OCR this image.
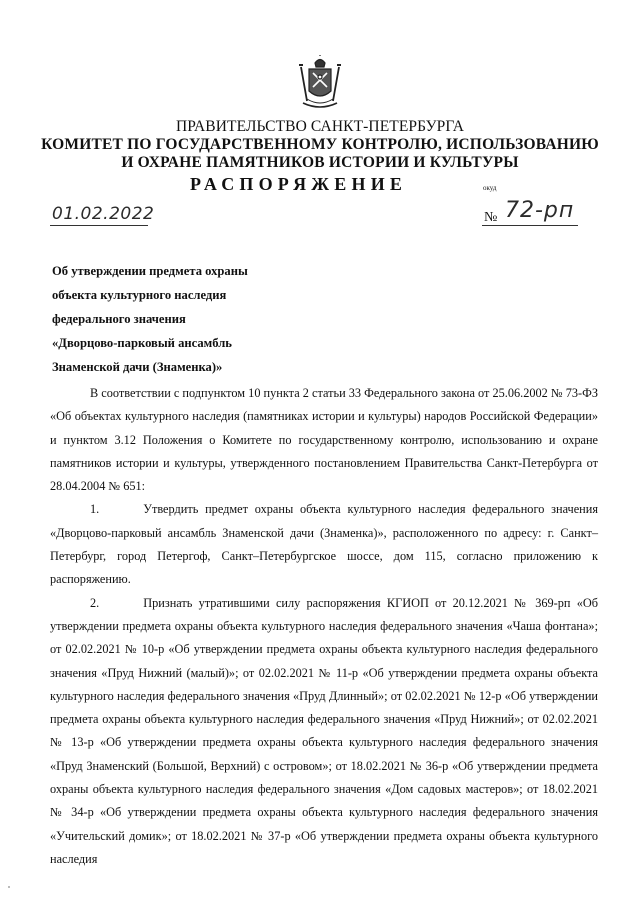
ПРАВИТЕЛЬСТВО САНКТ-ПЕТЕРБУРГА
КОМИТЕТ ПО ГОСУДАРСТВЕННОМУ КОНТРОЛЮ, ИСПОЛЬЗОВАНИЮ
И ОХРАНЕ ПАМЯТНИКОВ ИСТОРИИ И КУЛЬТУРЫ
РАСПОРЯЖЕНИЕ	окуд
01.02.2022	№ 72-рп
Об утверждении предмета охраны
объекта культурного наследия
федерального значения
«Дворцово-парковый ансамбль
Знаменской дачи (Знаменка)»

В соответствии с подпунктом 10 пункта 2 статьи 33 Федерального закона от 25.06.2002 № 73-ФЗ «Об объектах культурного наследия (памятниках истории и культуры) народов Российской Федерации» и пунктом 3.12 Положения о Комитете по государственному контролю, использованию и охране памятников истории и культуры, утвержденного постановлением Правительства Санкт-Петербурга от 28.04.2004 № 651:

1.	Утвердить предмет охраны объекта культурного наследия федерального значения «Дворцово-парковый ансамбль Знаменской дачи (Знаменка)», расположенного по адресу: г. Санкт–Петербург, город Петергоф, Санкт–Петербургское шоссе, дом 115, согласно приложению к распоряжению.

2.	Признать утратившими силу распоряжения КГИОП от 20.12.2021 № 369-рп «Об утверждении предмета охраны объекта культурного наследия федерального значения «Чаша фонтана»; от 02.02.2021 № 10-р «Об утверждении предмета охраны объекта культурного наследия федерального значения «Пруд Нижний (малый)»; от 02.02.2021 № 11-р «Об утверждении предмета охраны объекта культурного наследия федерального значения «Пруд Длинный»; от 02.02.2021 № 12-р «Об утверждении предмета охраны объекта культурного наследия федерального значения «Пруд Нижний»; от 02.02.2021 № 13-р «Об утверждении предмета охраны объекта культурного наследия федерального значения «Пруд Знаменский (Большой, Верхний) с островом»; от 18.02.2021 № 36-р «Об утверждении предмета охраны объекта культурного наследия федерального значения «Дом садовых мастеров»; от 18.02.2021 № 34-р «Об утверждении предмета охраны объекта культурного наследия федерального значения «Учительский домик»; от 18.02.2021 № 37-р «Об утверждении предмета охраны объекта культурного наследия
